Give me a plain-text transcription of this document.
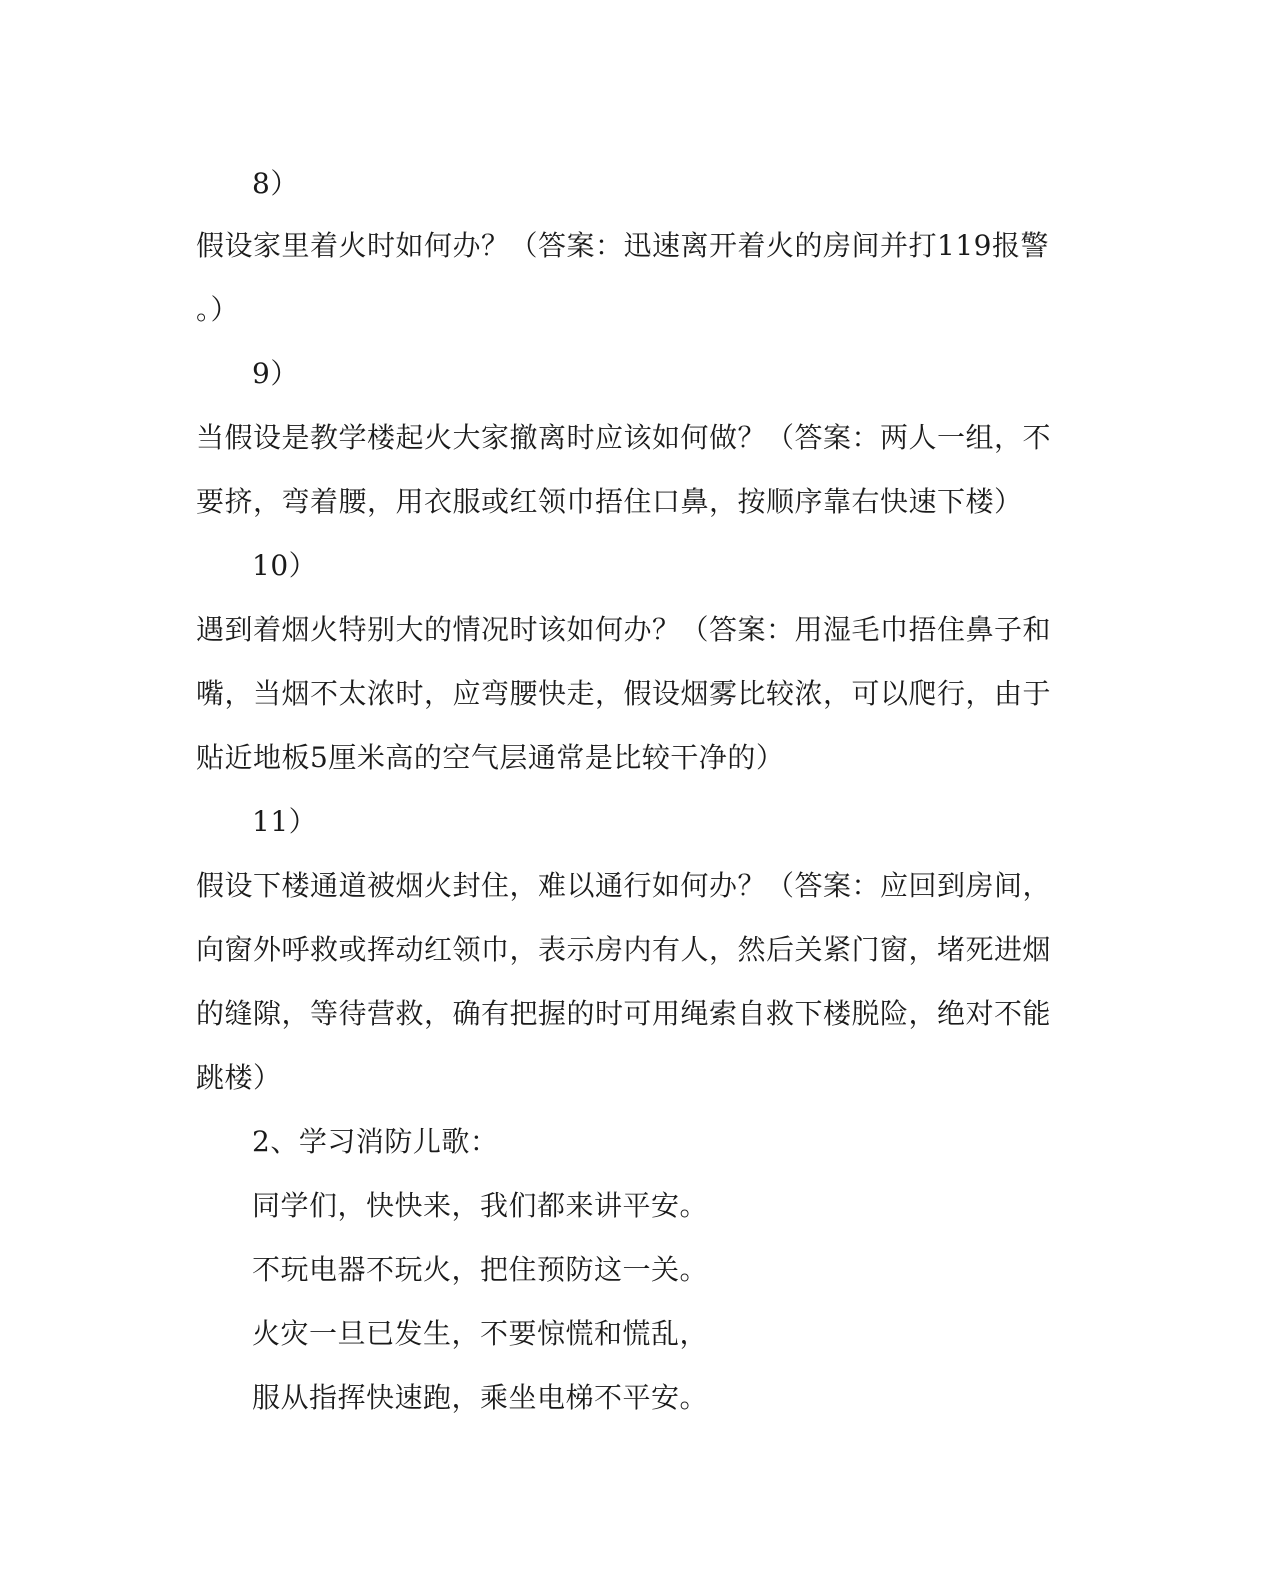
8）
假设家里着火时如何办？（答案：迅速离开着火的房间并打119报警
。）
9）
当假设是教学楼起火大家撤离时应该如何做？（答案：两人一组，不
要挤，弯着腰，用衣服或红领巾捂住口鼻，按顺序靠右快速下楼）
10）
遇到着烟火特别大的情况时该如何办？（答案：用湿毛巾捂住鼻子和
嘴，当烟不太浓时，应弯腰快走，假设烟雾比较浓，可以爬行，由于
贴近地板5厘米高的空气层通常是比较干净的）
11）
假设下楼通道被烟火封住，难以通行如何办？（答案：应回到房间，
向窗外呼救或挥动红领巾，表示房内有人，然后关紧门窗，堵死进烟
的缝隙，等待营救，确有把握的时可用绳索自救下楼脱险，绝对不能
跳楼）
2、学习消防儿歌：
同学们，快快来，我们都来讲平安。
不玩电器不玩火，把住预防这一关。
火灾一旦已发生，不要惊慌和慌乱，
服从指挥快速跑，乘坐电梯不平安。
